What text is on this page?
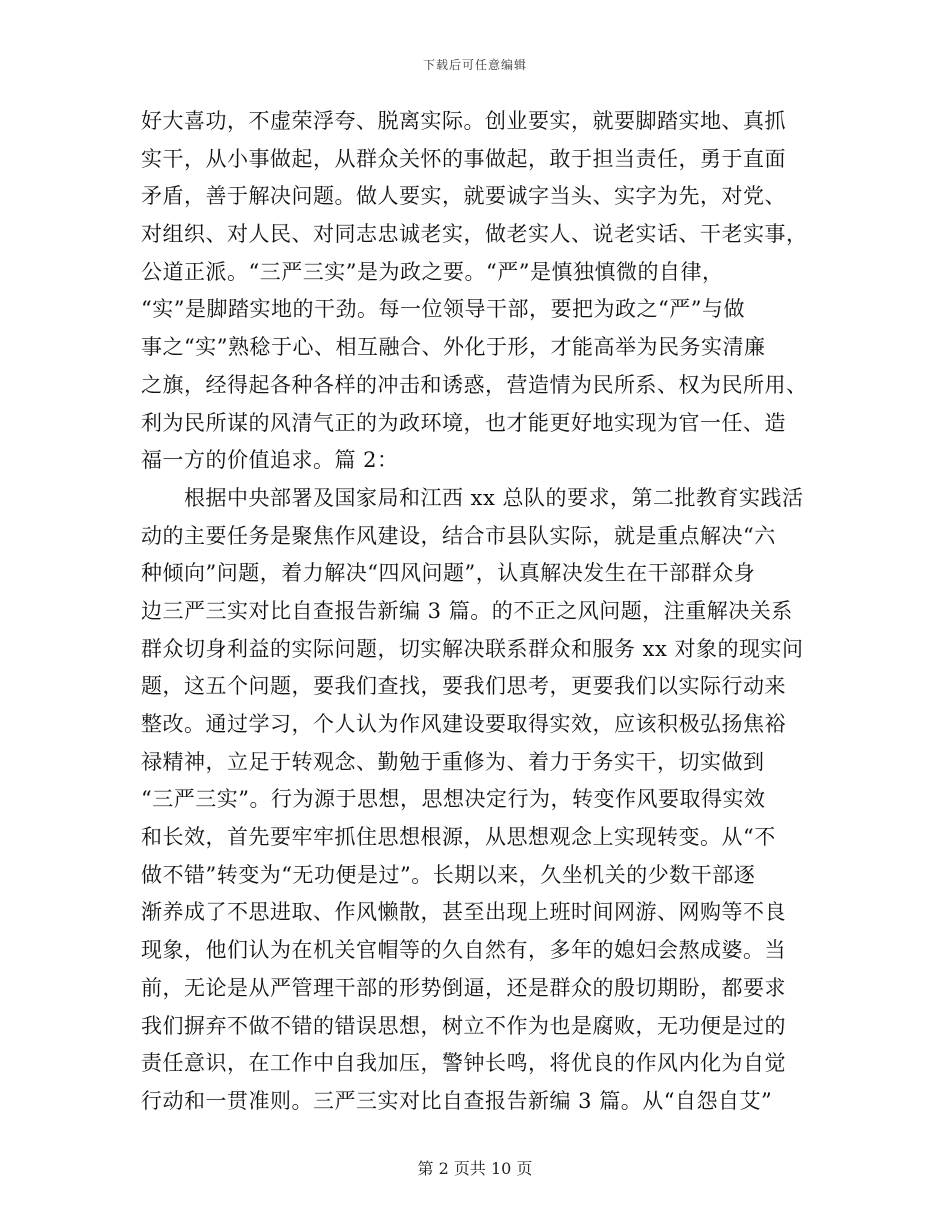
下载后可任意编辑
好大喜功，不虚荣浮夸、脱离实际。创业要实，就要脚踏实地、真抓
实干，从小事做起，从群众关怀的事做起，敢于担当责任，勇于直面
矛盾，善于解决问题。做人要实，就要诚字当头、实字为先，对党、
对组织、对人民、对同志忠诚老实，做老实人、说老实话、干老实事，
公道正派。“三严三实”是为政之要。“严”是慎独慎微的自律，
“实”是脚踏实地的干劲。每一位领导干部，要把为政之“严”与做
事之“实”熟稔于心、相互融合、外化于形，才能高举为民务实清廉
之旗，经得起各种各样的冲击和诱惑，营造情为民所系、权为民所用、
利为民所谋的风清气正的为政环境，也才能更好地实现为官一任、造
福一方的价值追求。篇 2：
　　根据中央部署及国家局和江西 xx 总队的要求，第二批教育实践活
动的主要任务是聚焦作风建设，结合市县队实际，就是重点解决“六
种倾向”问题，着力解决“四风问题”，认真解决发生在干部群众身
边三严三实对比自查报告新编 3 篇。的不正之风问题，注重解决关系
群众切身利益的实际问题，切实解决联系群众和服务 xx 对象的现实问
题，这五个问题，要我们查找，要我们思考，更要我们以实际行动来
整改。通过学习，个人认为作风建设要取得实效，应该积极弘扬焦裕
禄精神，立足于转观念、勤勉于重修为、着力于务实干，切实做到
“三严三实”。行为源于思想，思想决定行为，转变作风要取得实效
和长效，首先要牢牢抓住思想根源，从思想观念上实现转变。从“不
做不错”转变为“无功便是过”。长期以来，久坐机关的少数干部逐
渐养成了不思进取、作风懒散，甚至出现上班时间网游、网购等不良
现象，他们认为在机关官帽等的久自然有，多年的媳妇会熬成婆。当
前，无论是从严管理干部的形势倒逼，还是群众的殷切期盼，都要求
我们摒弃不做不错的错误思想，树立不作为也是腐败，无功便是过的
责任意识，在工作中自我加压，警钟长鸣，将优良的作风内化为自觉
行动和一贯准则。三严三实对比自查报告新编 3 篇。从“自怨自艾”
第 2 页共 10 页
